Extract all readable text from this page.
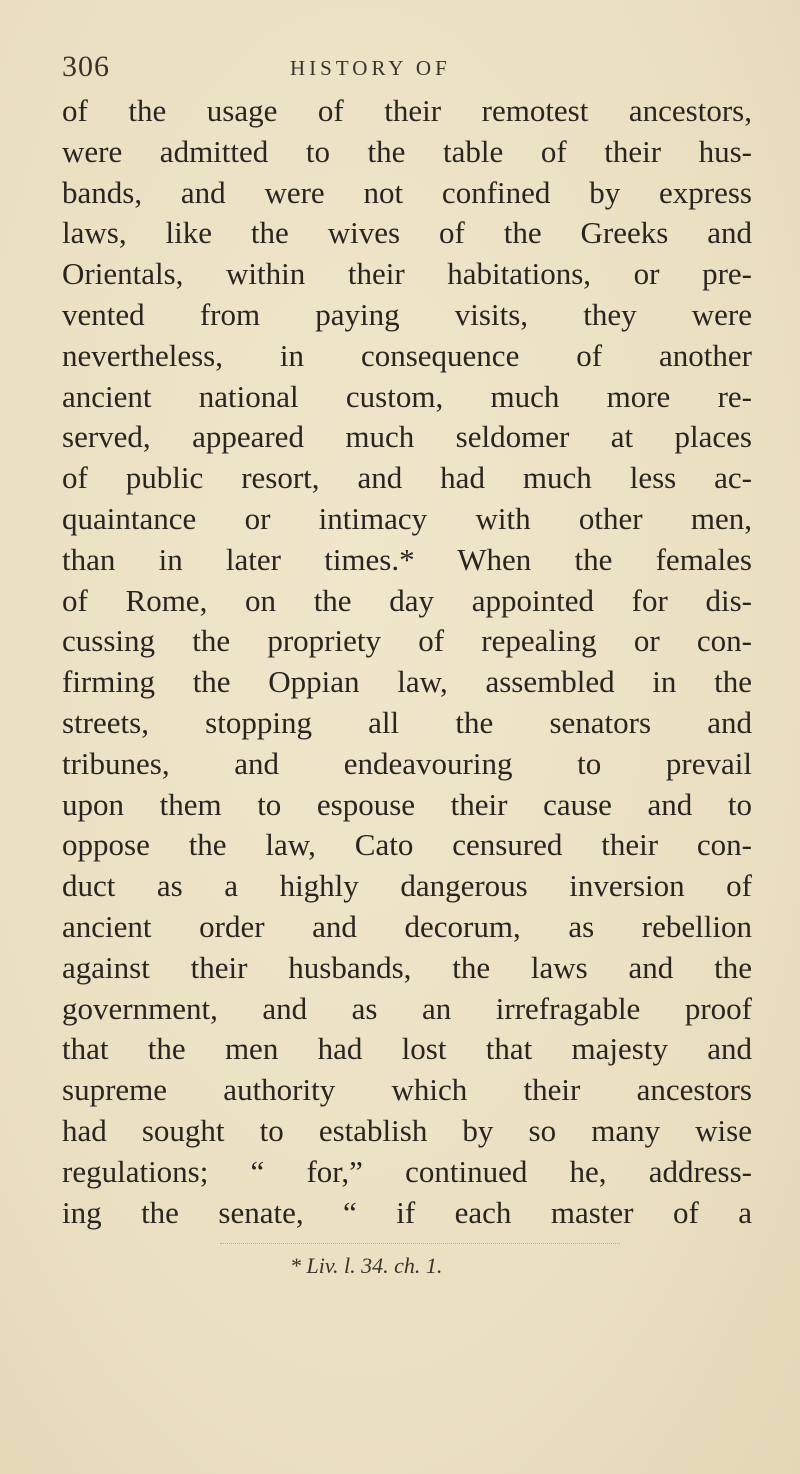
306	HISTORY OF
of the usage of their remotest ancestors,
were admitted to the table of their hus-
bands, and were not confined by express
laws, like the wives of the Greeks and
Orientals, within their habitations, or pre-
vented from paying visits, they were
nevertheless, in consequence of another
ancient national custom, much more re-
served, appeared much seldomer at places
of public resort, and had much less ac-
quaintance or intimacy with other men,
than in later times.* When the females
of Rome, on the day appointed for dis-
cussing the propriety of repealing or con-
firming the Oppian law, assembled in the
streets, stopping all the senators and
tribunes, and endeavouring to prevail
upon them to espouse their cause and to
oppose the law, Cato censured their con-
duct as a highly dangerous inversion of
ancient order and decorum, as rebellion
against their husbands, the laws and the
government, and as an irrefragable proof
that the men had lost that majesty and
supreme authority which their ancestors
had sought to establish by so many wise
regulations; “ for,” continued he, address-
ing the senate, “ if each master of a
* Liv. l. 34. ch. 1.
